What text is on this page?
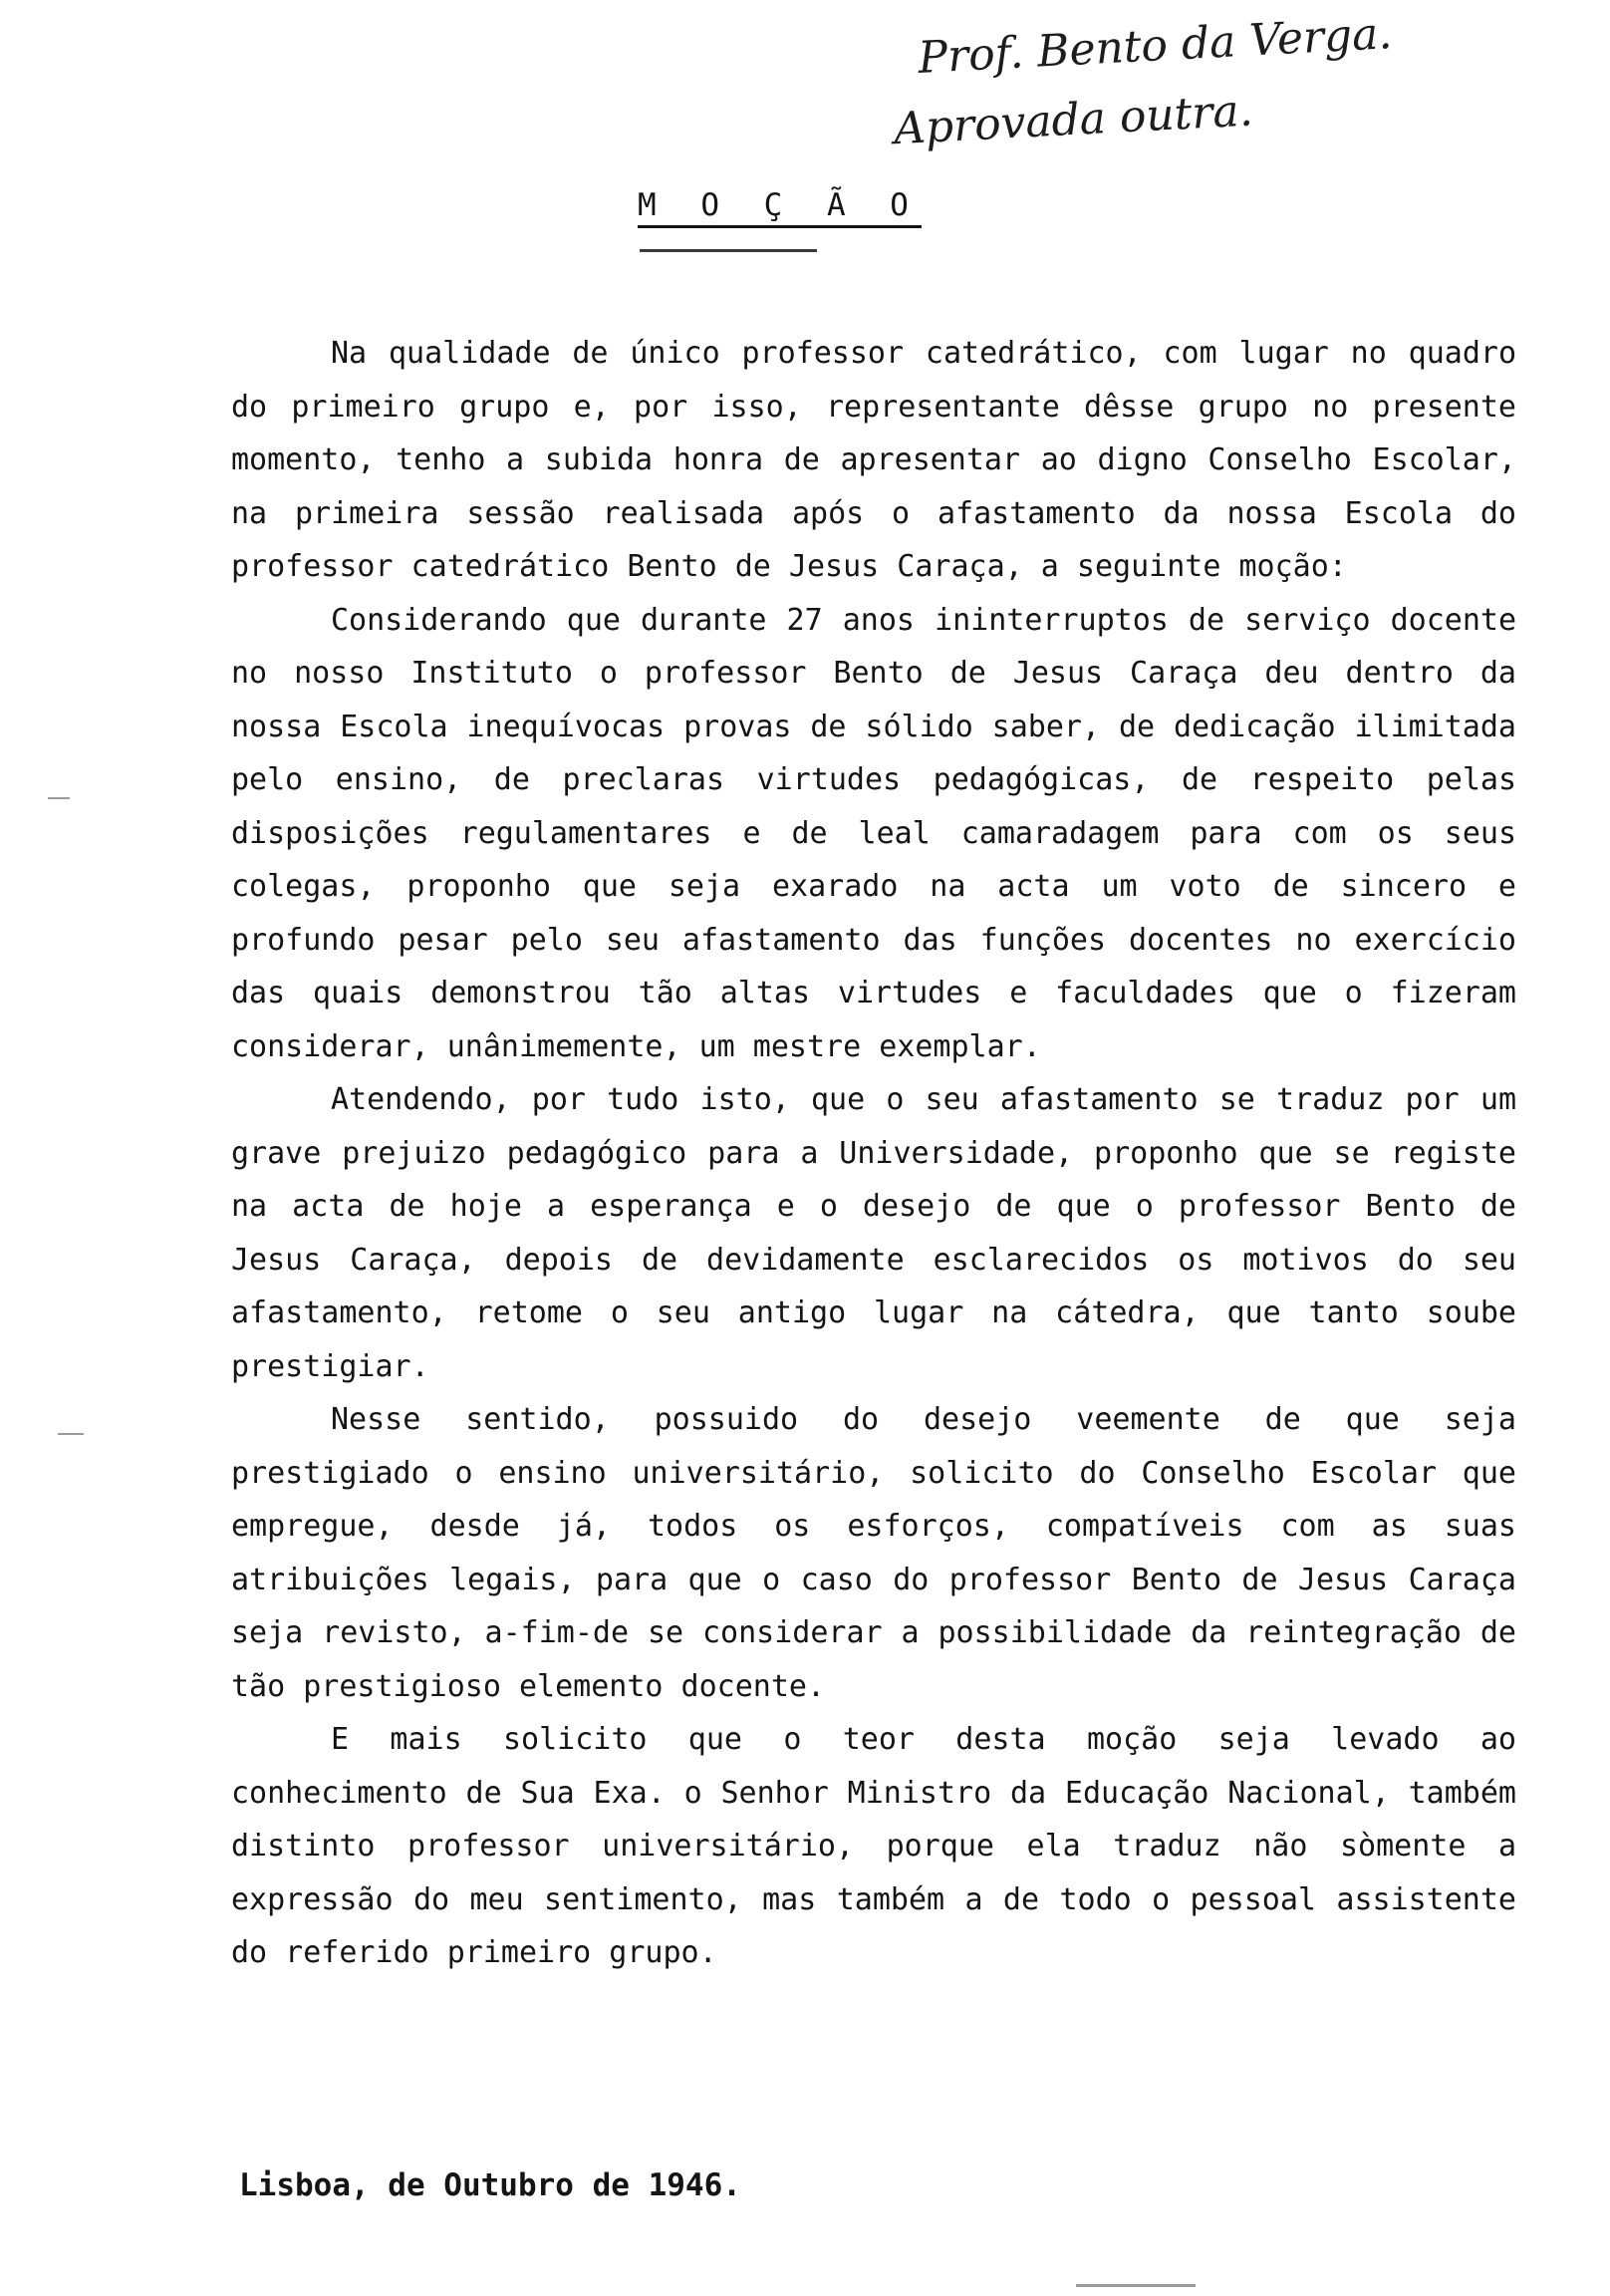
Prof. Bento da Verga.
Aprovada outra.
M O Ç Ã O

Na qualidade de único professor catedrático, com lugar no quadro do primeiro grupo e, por isso, representante dêsse grupo no presente momento, tenho a subida honra de apresentar ao digno Conselho Escolar, na primeira sessão realisada após o afastamento da nossa Escola do professor catedrático Bento de Jesus Caraça, a seguinte moção:

Considerando que durante 27 anos ininterruptos de serviço docente no nosso Instituto o professor Bento de Jesus Caraça deu dentro da nossa Escola inequívocas provas de sólido saber, de dedicação ilimitada pelo ensino, de preclaras virtudes pedagógicas, de respeito pelas disposições regulamentares e de leal camaradagem para com os seus colegas, proponho que seja exarado na acta um voto de sincero e profundo pesar pelo seu afastamento das funções docentes no exercício das quais demonstrou tão altas virtudes e faculdades que o fizeram considerar, unânimemente, um mestre exemplar.

Atendendo, por tudo isto, que o seu afastamento se traduz por um grave prejuizo pedagógico para a Universidade, proponho que se registe na acta de hoje a esperança e o desejo de que o professor Bento de Jesus Caraça, depois de devidamente esclarecidos os motivos do seu afastamento, retome o seu antigo lugar na cátedra, que tanto soube prestigiar.

Nesse sentido, possuido do desejo veemente de que seja prestigiado o ensino universitário, solicito do Conselho Escolar que empregue, desde já, todos os esforços, compatíveis com as suas atribuições legais, para que o caso do professor Bento de Jesus Caraça seja revisto, a-fim-de se considerar a possibilidade da reintegração de tão prestigioso elemento docente.

E mais solicito que o teor desta moção seja levado ao conhecimento de Sua Exa. o Senhor Ministro da Educação Nacional, também distinto professor universitário, porque ela traduz não sòmente a expressão do meu sentimento, mas também a de todo o pessoal assistente do referido primeiro grupo.

Lisboa, de Outubro de 1946.
